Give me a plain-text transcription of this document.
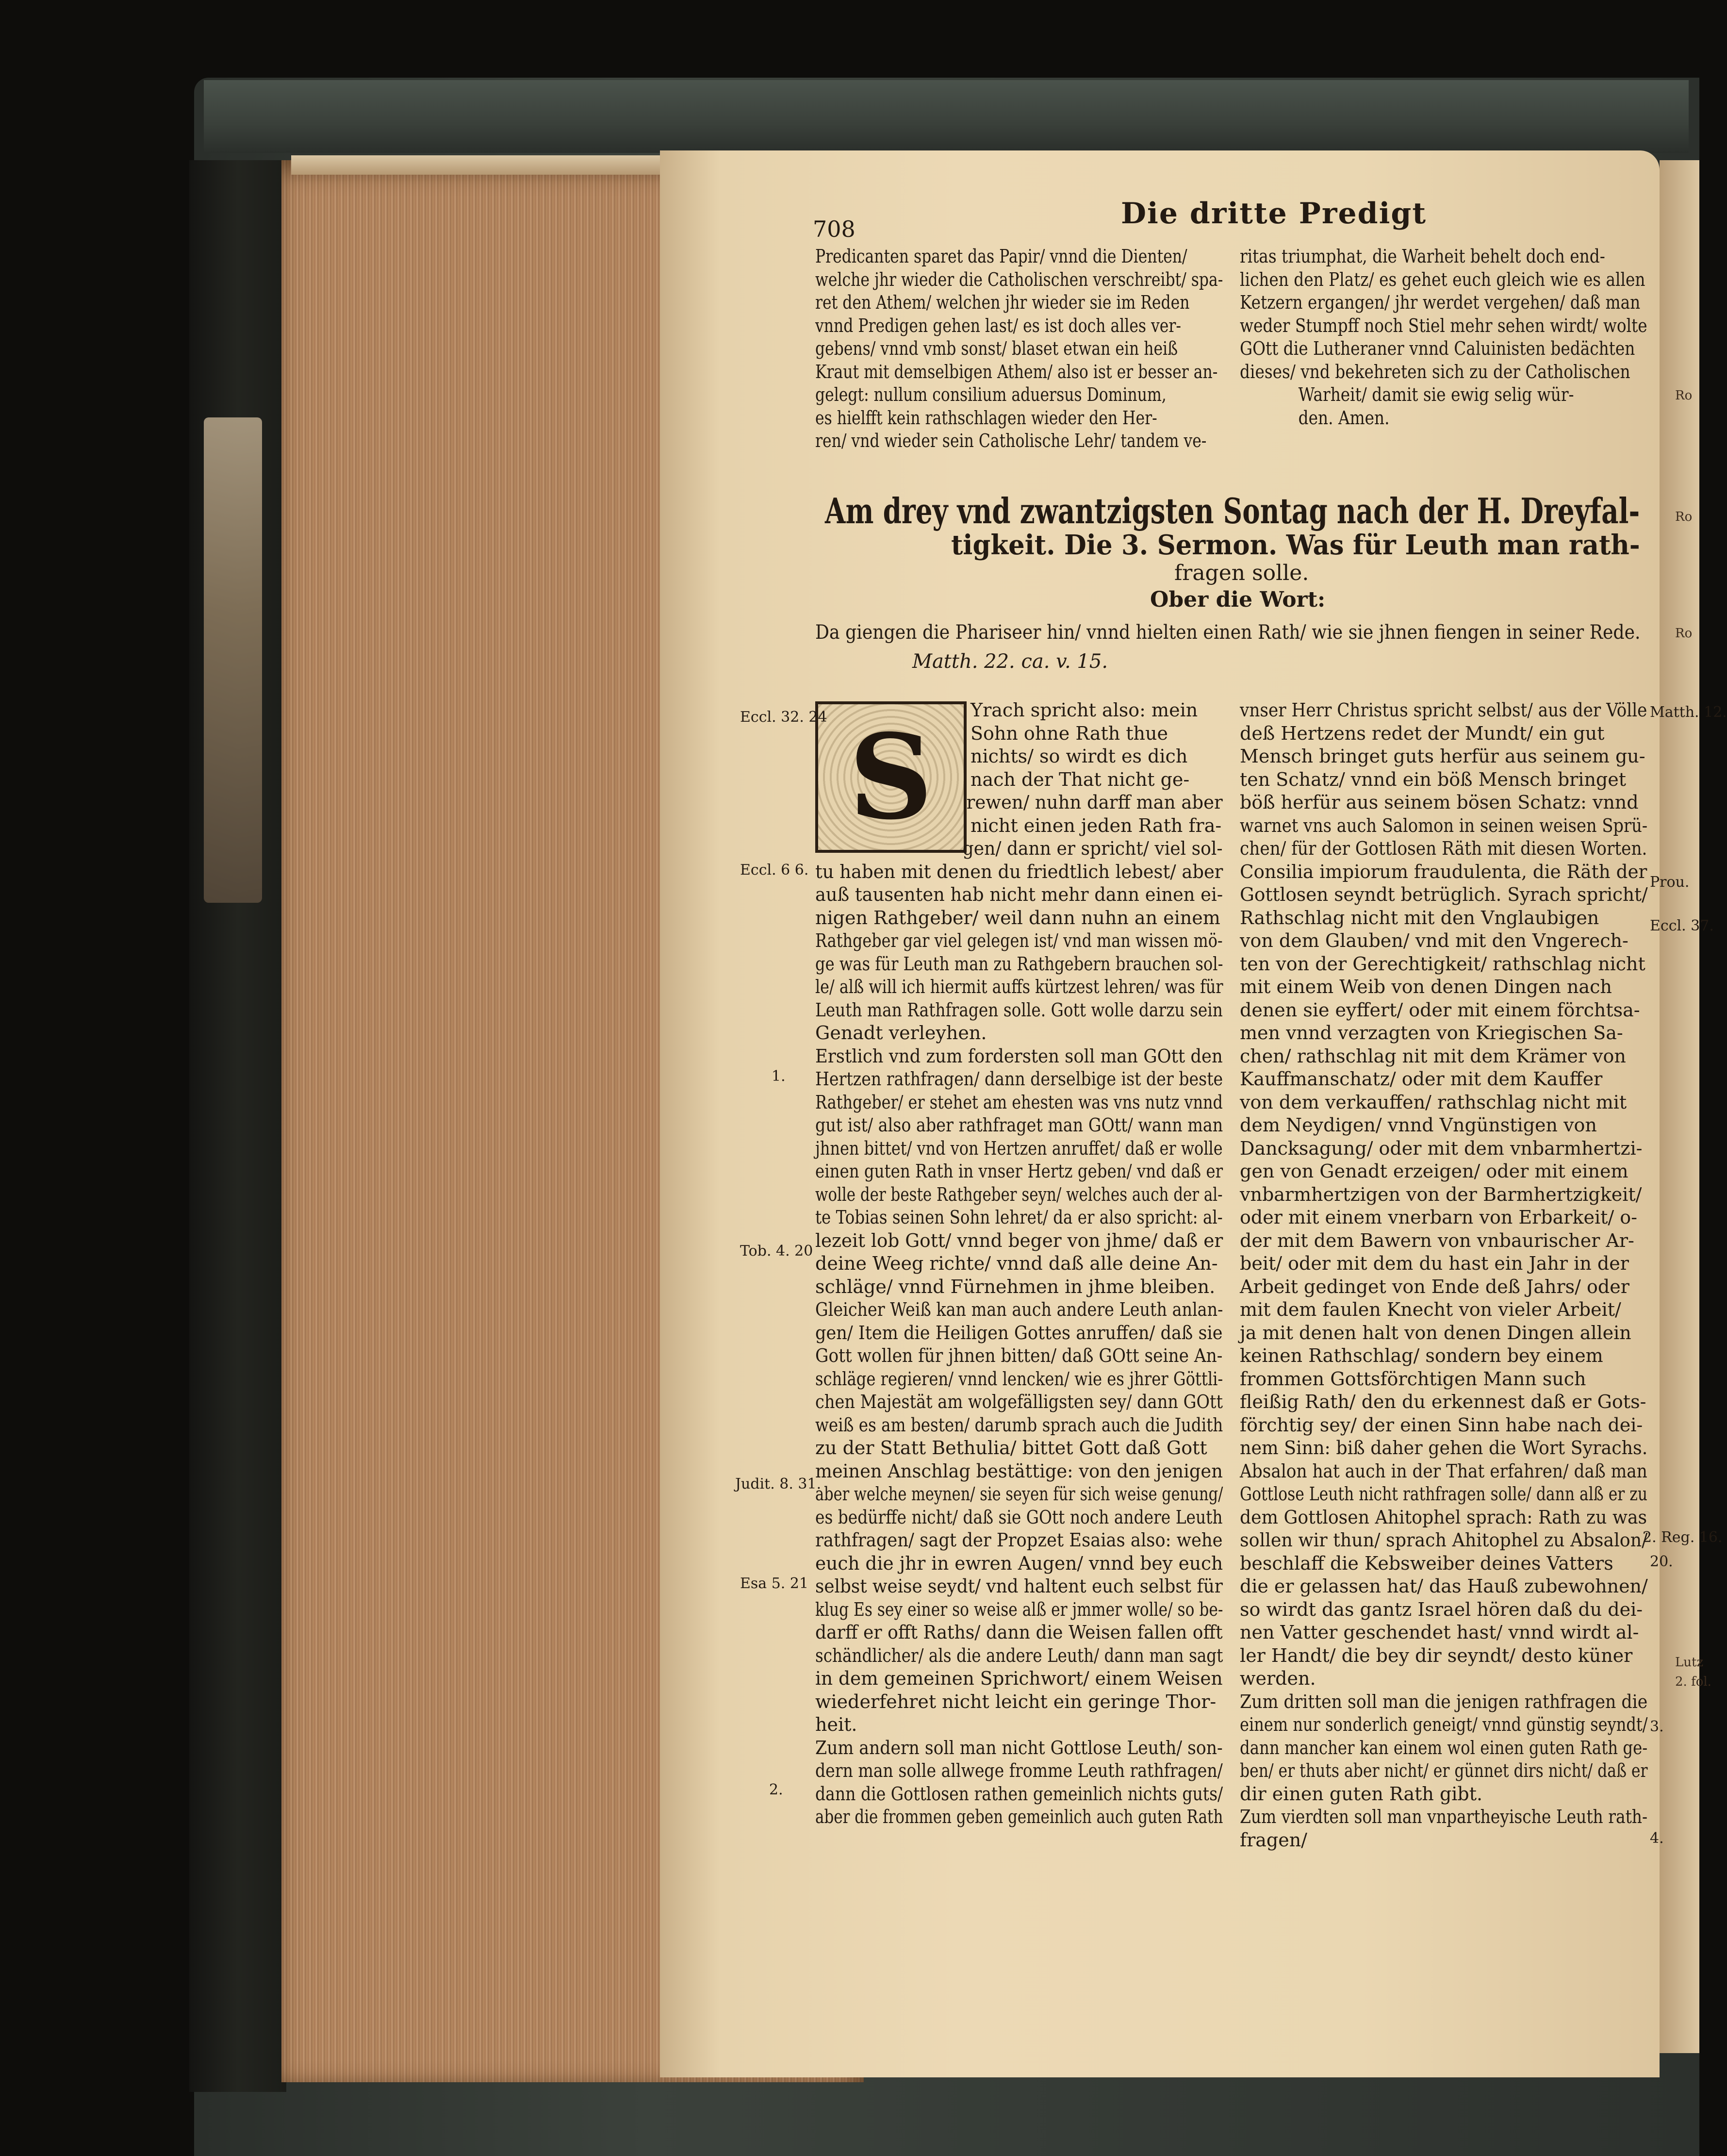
Ro
Ro
Ro
Lutz
2. fol.
708	Die dritte Predigt
Predicanten sparet das Papir/ vnnd die Dienten/
welche jhr wieder die Catholischen verschreibt/ spa-
ret den Athem/ welchen jhr wieder sie im Reden
vnnd Predigen gehen last/ es ist doch alles ver-
gebens/ vnnd vmb sonst/ blaset etwan ein heiß
Kraut mit demselbigen Athem/ also ist er besser an-
gelegt: nullum consilium aduersus Dominum,
es hielfft kein rathschlagen wieder den Her-
ren/ vnd wieder sein Catholische Lehr/ tandem ve-
ritas triumphat, die Warheit behelt doch end-
lichen den Platz/ es gehet euch gleich wie es allen
Ketzern ergangen/ jhr werdet vergehen/ daß man
weder Stumpff noch Stiel mehr sehen wirdt/ wolte
GOtt die Lutheraner vnnd Caluinisten bedächten
dieses/ vnd bekehreten sich zu der Catholischen
Warheit/ damit sie ewig selig wür-
den. Amen.
Am drey vnd zwantzigsten Sontag nach der H. Dreyfal-
tigkeit. Die 3. Sermon. Was für Leuth man rath-
fragen solle.
Ober die Wort:
Da giengen die Phariseer hin/ vnnd hielten einen Rath/ wie sie jhnen fiengen in seiner Rede.
Matth. 22. ca. v. 15.
S	Yrach spricht also: mein
Sohn ohne Rath thue
nichts/ so wirdt es dich
nach der That nicht ge-
rewen/ nuhn darff man aber
nicht einen jeden Rath fra-
gen/ dann er spricht/ viel sol-
tu haben mit denen du friedtlich lebest/ aber
auß tausenten hab nicht mehr dann einen ei-
nigen Rathgeber/ weil dann nuhn an einem
Rathgeber gar viel gelegen ist/ vnd man wissen mö-
ge was für Leuth man zu Rathgebern brauchen sol-
le/ alß will ich hiermit auffs kürtzest lehren/ was für
Leuth man Rathfragen solle. Gott wolle darzu sein
Genadt verleyhen.
Erstlich vnd zum fordersten soll man GOtt den
Hertzen rathfragen/ dann derselbige ist der beste
Rathgeber/ er stehet am ehesten was vns nutz vnnd
gut ist/ also aber rathfraget man GOtt/ wann man
jhnen bittet/ vnd von Hertzen anruffet/ daß er wolle
einen guten Rath in vnser Hertz geben/ vnd daß er
wolle der beste Rathgeber seyn/ welches auch der al-
te Tobias seinen Sohn lehret/ da er also spricht: al-
lezeit lob Gott/ vnnd beger von jhme/ daß er
deine Weeg richte/ vnnd daß alle deine An-
schläge/ vnnd Fürnehmen in jhme bleiben.
Gleicher Weiß kan man auch andere Leuth anlan-
gen/ Item die Heiligen Gottes anruffen/ daß sie
Gott wollen für jhnen bitten/ daß GOtt seine An-
schläge regieren/ vnnd lencken/ wie es jhrer Göttli-
chen Majestät am wolgefälligsten sey/ dann GOtt
weiß es am besten/ darumb sprach auch die Judith
zu der Statt Bethulia/ bittet Gott daß Gott
meinen Anschlag bestättige: von den jenigen
aber welche meynen/ sie seyen für sich weise genung/
es bedürffe nicht/ daß sie GOtt noch andere Leuth
rathfragen/ sagt der Propzet Esaias also: wehe
euch die jhr in ewren Augen/ vnnd bey euch
selbst weise seydt/ vnd haltent euch selbst für
klug Es sey einer so weise alß er jmmer wolle/ so be-
darff er offt Raths/ dann die Weisen fallen offt
schändlicher/ als die andere Leuth/ dann man sagt
in dem gemeinen Sprichwort/ einem Weisen
wiederfehret nicht leicht ein geringe Thor-
heit.
Zum andern soll man nicht Gottlose Leuth/ son-
dern man solle allwege fromme Leuth rathfragen/
dann die Gottlosen rathen gemeinlich nichts guts/
aber die frommen geben gemeinlich auch guten Rath
vnser Herr Christus spricht selbst/ aus der Völle
deß Hertzens redet der Mundt/ ein gut
Mensch bringet guts herfür aus seinem gu-
ten Schatz/ vnnd ein böß Mensch bringet
böß herfür aus seinem bösen Schatz: vnnd
warnet vns auch Salomon in seinen weisen Sprü-
chen/ für der Gottlosen Räth mit diesen Worten.
Consilia impiorum fraudulenta, die Räth der
Gottlosen seyndt betrüglich. Syrach spricht/
Rathschlag nicht mit den Vnglaubigen
von dem Glauben/ vnd mit den Vngerech-
ten von der Gerechtigkeit/ rathschlag nicht
mit einem Weib von denen Dingen nach
denen sie eyffert/ oder mit einem förchtsa-
men vnnd verzagten von Kriegischen Sa-
chen/ rathschlag nit mit dem Krämer von
Kauffmanschatz/ oder mit dem Kauffer
von dem verkauffen/ rathschlag nicht mit
dem Neydigen/ vnnd Vngünstigen von
Dancksagung/ oder mit dem vnbarmhertzi-
gen von Genadt erzeigen/ oder mit einem
vnbarmhertzigen von der Barmhertzigkeit/
oder mit einem vnerbarn von Erbarkeit/ o-
der mit dem Bawern von vnbaurischer Ar-
beit/ oder mit dem du hast ein Jahr in der
Arbeit gedinget von Ende deß Jahrs/ oder
mit dem faulen Knecht von vieler Arbeit/
ja mit denen halt von denen Dingen allein
keinen Rathschlag/ sondern bey einem
frommen Gottsförchtigen Mann such
fleißig Rath/ den du erkennest daß er Gots-
förchtig sey/ der einen Sinn habe nach dei-
nem Sinn: biß daher gehen die Wort Syrachs.
Absalon hat auch in der That erfahren/ daß man
Gottlose Leuth nicht rathfragen solle/ dann alß er zu
dem Gottlosen Ahitophel sprach: Rath zu was
sollen wir thun/ sprach Ahitophel zu Absalon/
beschlaff die Kebsweiber deines Vatters
die er gelassen hat/ das Hauß zubewohnen/
so wirdt das gantz Israel hören daß du dei-
nen Vatter geschendet hast/ vnnd wirdt al-
ler Handt/ die bey dir seyndt/ desto küner
werden.
Zum dritten soll man die jenigen rathfragen die
einem nur sonderlich geneigt/ vnnd günstig seyndt/
dann mancher kan einem wol einen guten Rath ge-
ben/ er thuts aber nicht/ er günnet dirs nicht/ daß er
dir einen guten Rath gibt.
Zum vierdten soll man vnpartheyische Leuth rath-
fragen/
Eccl. 32. 24
Eccl. 6 6.
1.
Tob. 4. 20
Judit. 8. 31.
Esa 5. 21
2.
Matth. 12.
Prou.
Eccl. 37.
2. Reg. 16.
20.
3.
4.
